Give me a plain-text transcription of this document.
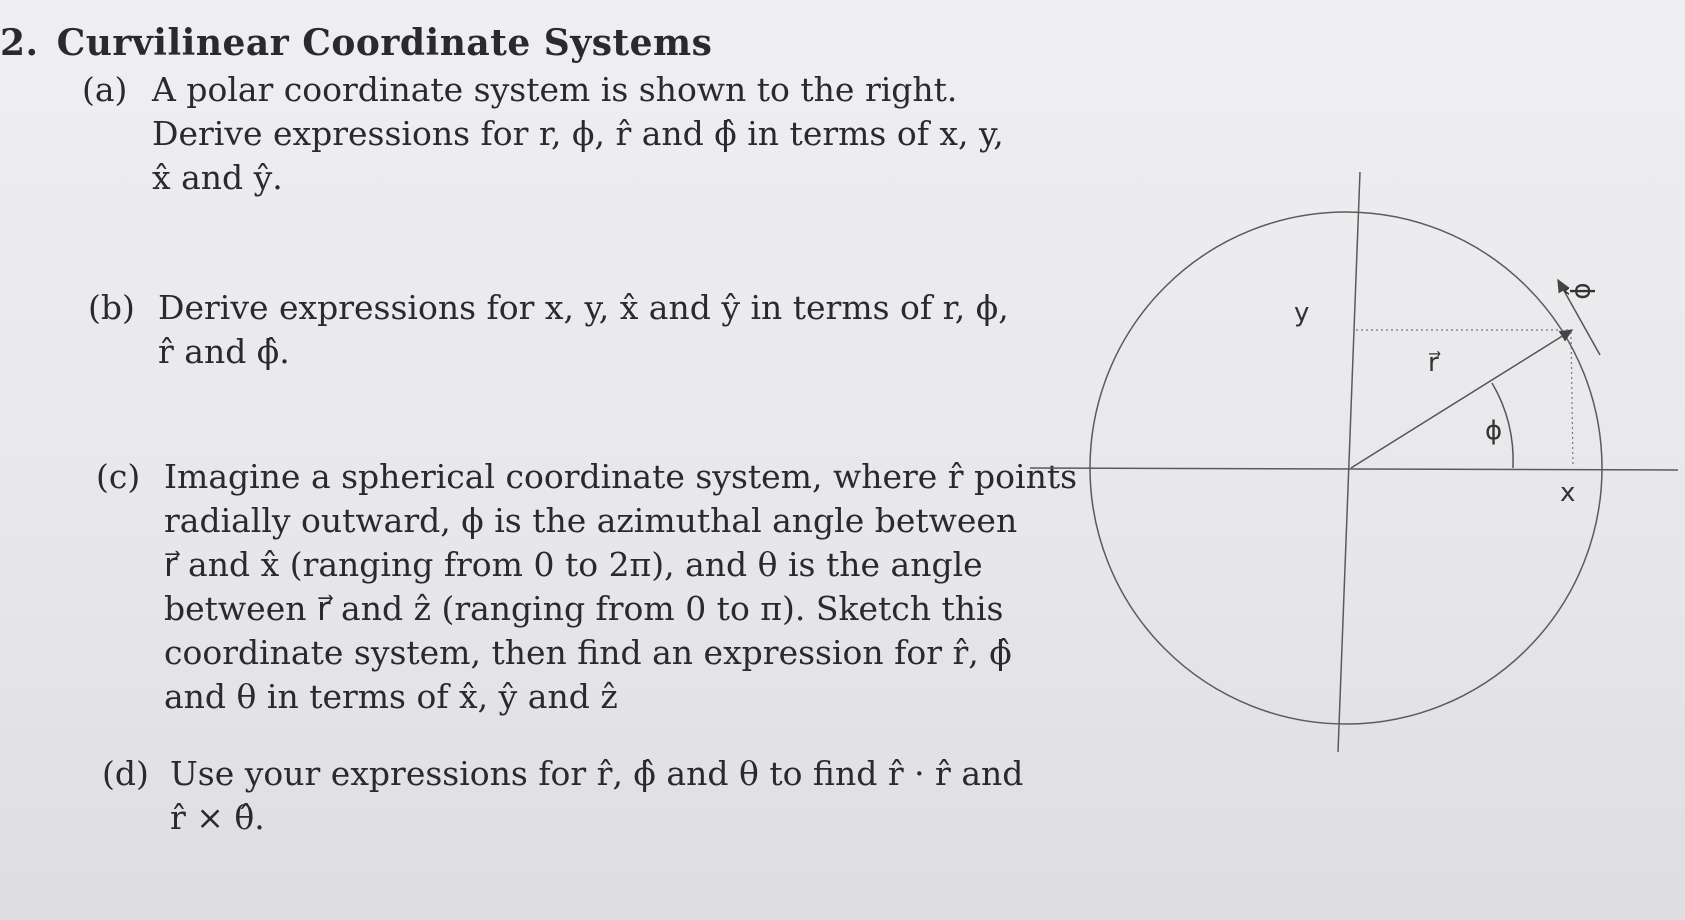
2. Curvilinear Coordinate Systems
(a) A polar coordinate system is shown to the right.
Derive expressions for r, ϕ, r̂ and ϕ̂ in terms of x, y,
x̂ and ŷ.
(b) Derive expressions for x, y, x̂ and ŷ in terms of r, ϕ,
r̂ and ϕ̂.
(c) Imagine a spherical coordinate system, where r̂ points
radially outward, ϕ is the azimuthal angle between
r⃗ and x̂ (ranging from 0 to 2π), and θ is the angle
between r⃗ and ẑ (ranging from 0 to π). Sketch this
coordinate system, then find an expression for r̂, ϕ̂
and θ in terms of x̂, ŷ and ẑ
(d) Use your expressions for r̂, ϕ̂ and θ to find r̂ · r̂ and
r̂ × θ̂.
y
x
r⃗
ϕ
ϕ̂
